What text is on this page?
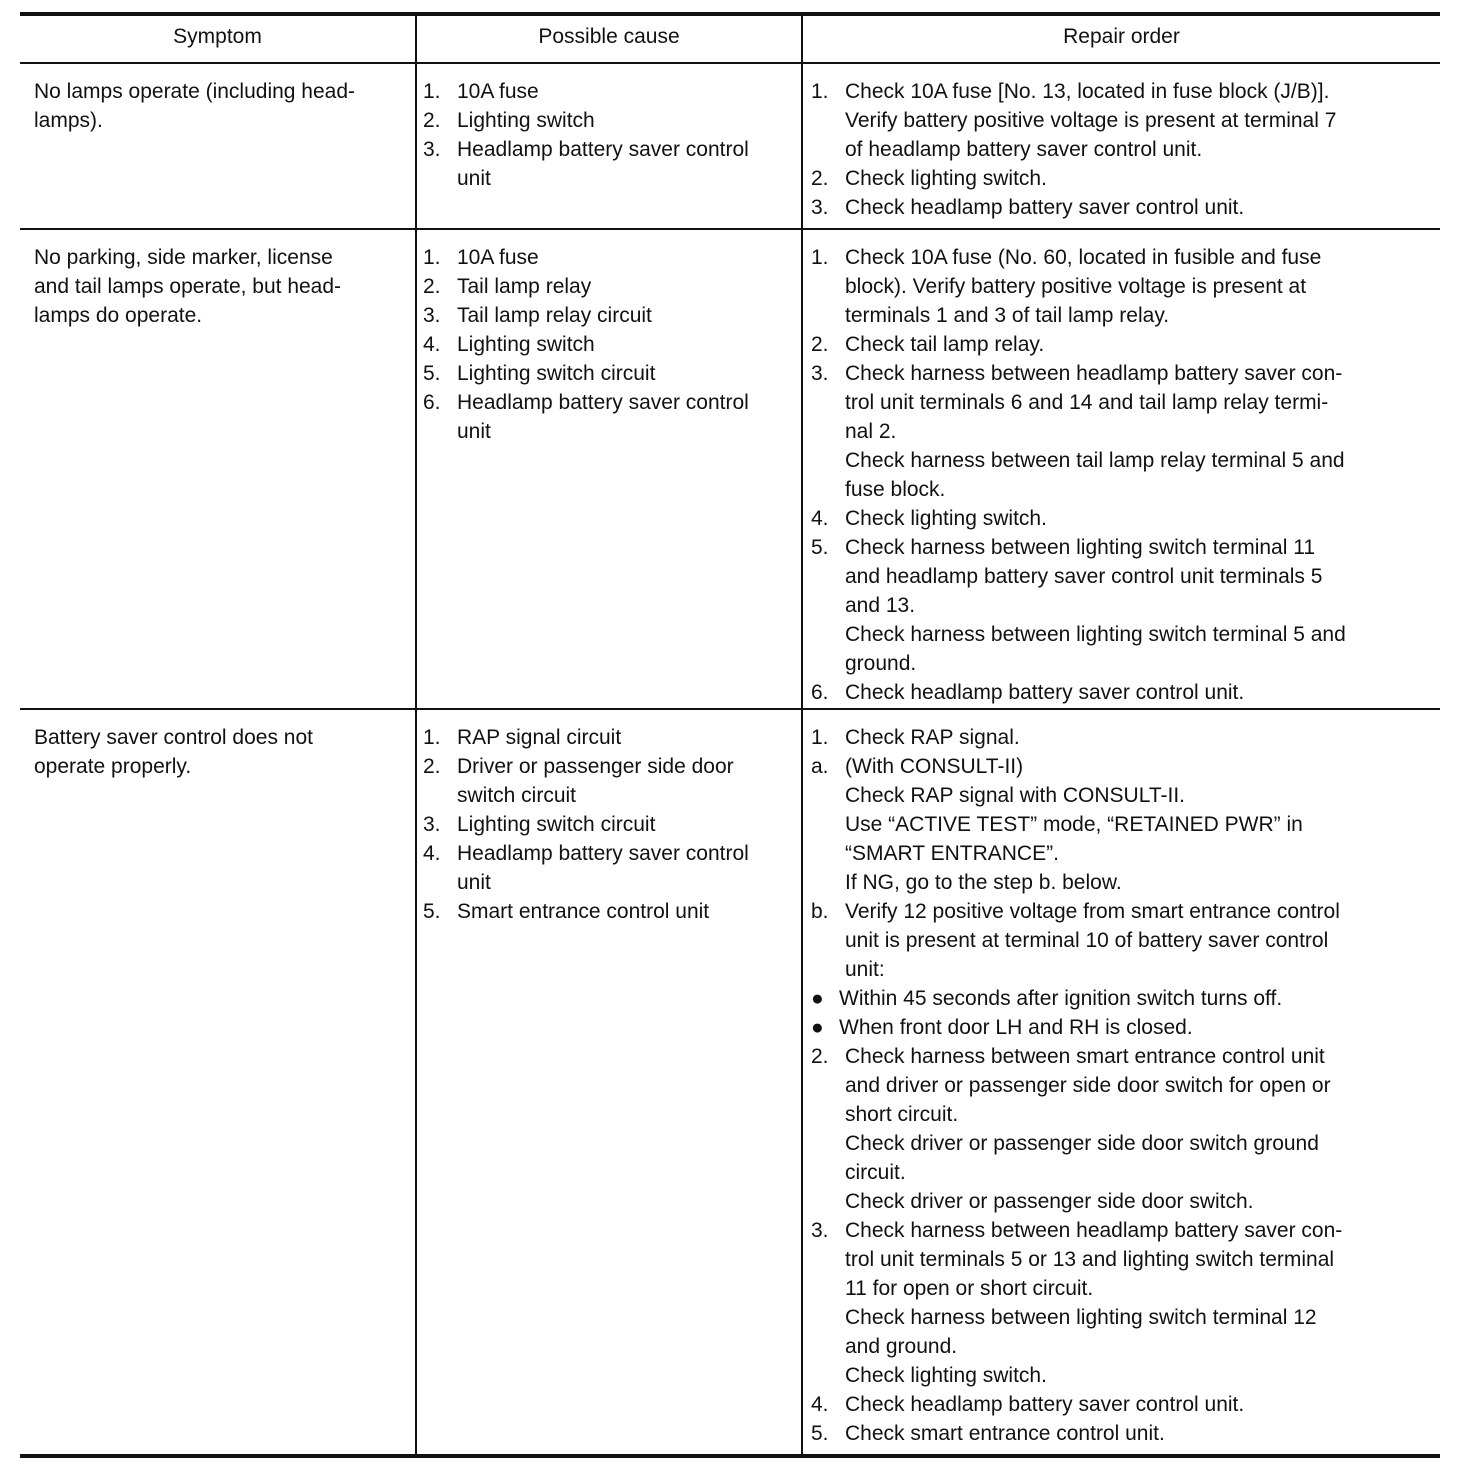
Symptom	Possible cause	Repair order
No lamps operate (including head-
lamps).
1. 10A fuse
2. Lighting switch
3. Headlamp battery saver control
unit
1. Check 10A fuse [No. 13, located in fuse block (J/B)].
Verify battery positive voltage is present at terminal 7
of headlamp battery saver control unit.
2. Check lighting switch.
3. Check headlamp battery saver control unit.
No parking, side marker, license
and tail lamps operate, but head-
lamps do operate.
1. 10A fuse
2. Tail lamp relay
3. Tail lamp relay circuit
4. Lighting switch
5. Lighting switch circuit
6. Headlamp battery saver control
unit
1. Check 10A fuse (No. 60, located in fusible and fuse
block). Verify battery positive voltage is present at
terminals 1 and 3 of tail lamp relay.
2. Check tail lamp relay.
3. Check harness between headlamp battery saver con-
trol unit terminals 6 and 14 and tail lamp relay termi-
nal 2.
Check harness between tail lamp relay terminal 5 and
fuse block.
4. Check lighting switch.
5. Check harness between lighting switch terminal 11
and headlamp battery saver control unit terminals 5
and 13.
Check harness between lighting switch terminal 5 and
ground.
6. Check headlamp battery saver control unit.
Battery saver control does not
operate properly.
1. RAP signal circuit
2. Driver or passenger side door
switch circuit
3. Lighting switch circuit
4. Headlamp battery saver control
unit
5. Smart entrance control unit
1. Check RAP signal.
a. (With CONSULT-II)
Check RAP signal with CONSULT-II.
Use “ACTIVE TEST” mode, “RETAINED PWR” in
“SMART ENTRANCE”.
If NG, go to the step b. below.
b. Verify 12 positive voltage from smart entrance control
unit is present at terminal 10 of battery saver control
unit:
● Within 45 seconds after ignition switch turns off.
● When front door LH and RH is closed.
2. Check harness between smart entrance control unit
and driver or passenger side door switch for open or
short circuit.
Check driver or passenger side door switch ground
circuit.
Check driver or passenger side door switch.
3. Check harness between headlamp battery saver con-
trol unit terminals 5 or 13 and lighting switch terminal
11 for open or short circuit.
Check harness between lighting switch terminal 12
and ground.
Check lighting switch.
4. Check headlamp battery saver control unit.
5. Check smart entrance control unit.
